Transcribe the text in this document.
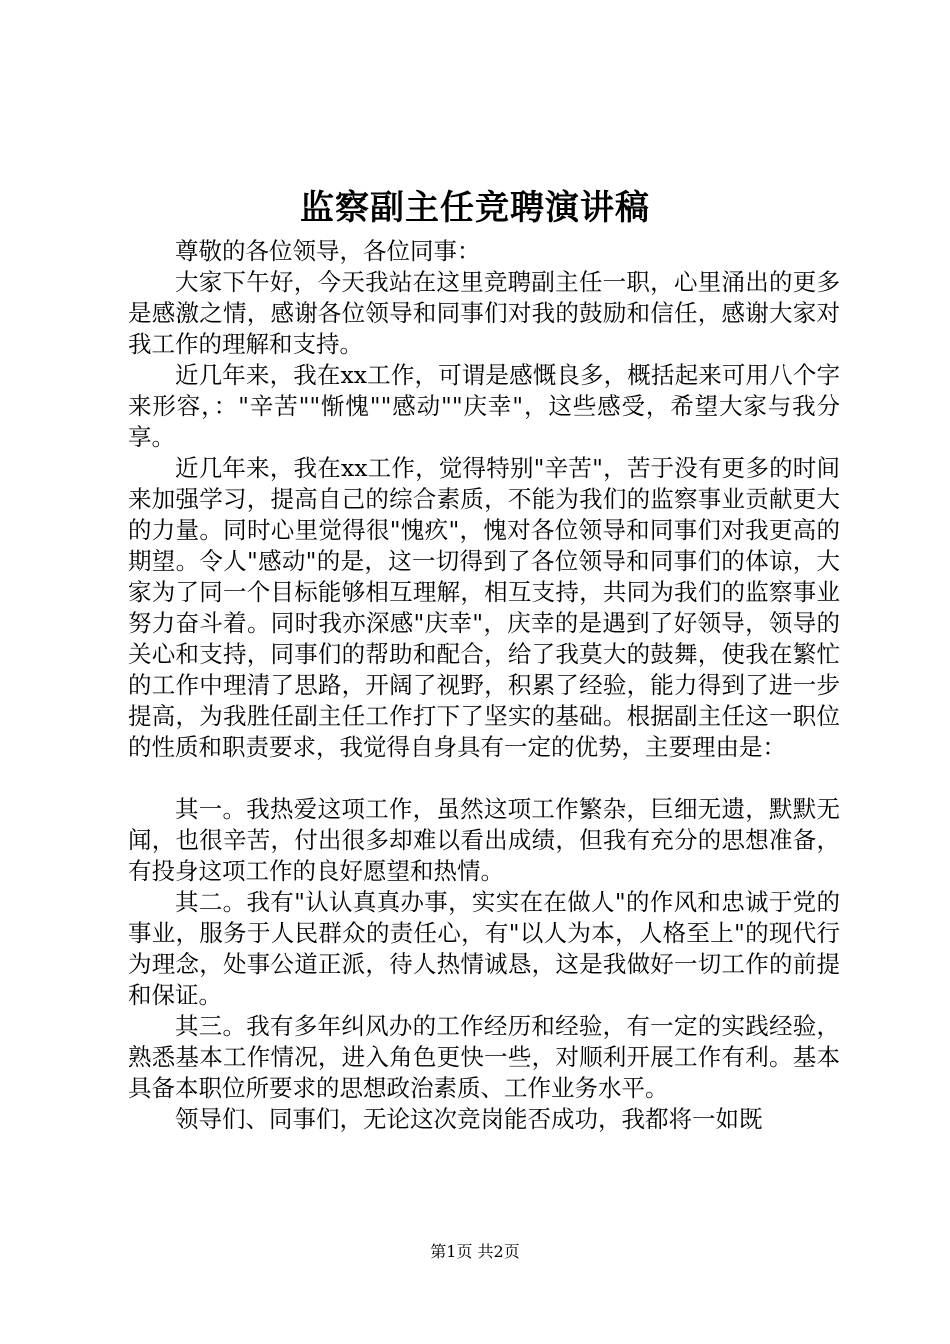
监察副主任竞聘演讲稿

尊敬的各位领导，各位同事：

大家下午好，今天我站在这里竞聘副主任一职，心里涌出的更多是感激之情，感谢各位领导和同事们对我的鼓励和信任，感谢大家对我工作的理解和支持。

近几年来，我在xx工作，可谓是感慨良多，概括起来可用八个字来形容，："辛苦""惭愧""感动""庆幸"，这些感受，希望大家与我分享。

近几年来，我在xx工作，觉得特别"辛苦"，苦于没有更多的时间来加强学习，提高自己的综合素质，不能为我们的监察事业贡献更大的力量。同时心里觉得很"愧疚"，愧对各位领导和同事们对我更高的期望。令人"感动"的是，这一切得到了各位领导和同事们的体谅，大家为了同一个目标能够相互理解，相互支持，共同为我们的监察事业努力奋斗着。同时我亦深感"庆幸"，庆幸的是遇到了好领导，领导的关心和支持，同事们的帮助和配合，给了我莫大的鼓舞，使我在繁忙的工作中理清了思路，开阔了视野，积累了经验，能力得到了进一步提高，为我胜任副主任工作打下了坚实的基础。根据副主任这一职位的性质和职责要求，我觉得自身具有一定的优势，主要理由是：

其一。我热爱这项工作，虽然这项工作繁杂，巨细无遗，默默无闻，也很辛苦，付出很多却难以看出成绩，但我有充分的思想准备，有投身这项工作的良好愿望和热情。

其二。我有"认认真真办事，实实在在做人"的作风和忠诚于党的事业，服务于人民群众的责任心，有"以人为本，人格至上"的现代行为理念，处事公道正派，待人热情诚恳，这是我做好一切工作的前提和保证。

其三。我有多年纠风办的工作经历和经验，有一定的实践经验，熟悉基本工作情况，进入角色更快一些，对顺利开展工作有利。基本具备本职位所要求的思想政治素质、工作业务水平。

领导们、同事们，无论这次竞岗能否成功，我都将一如既

第1页 共2页
